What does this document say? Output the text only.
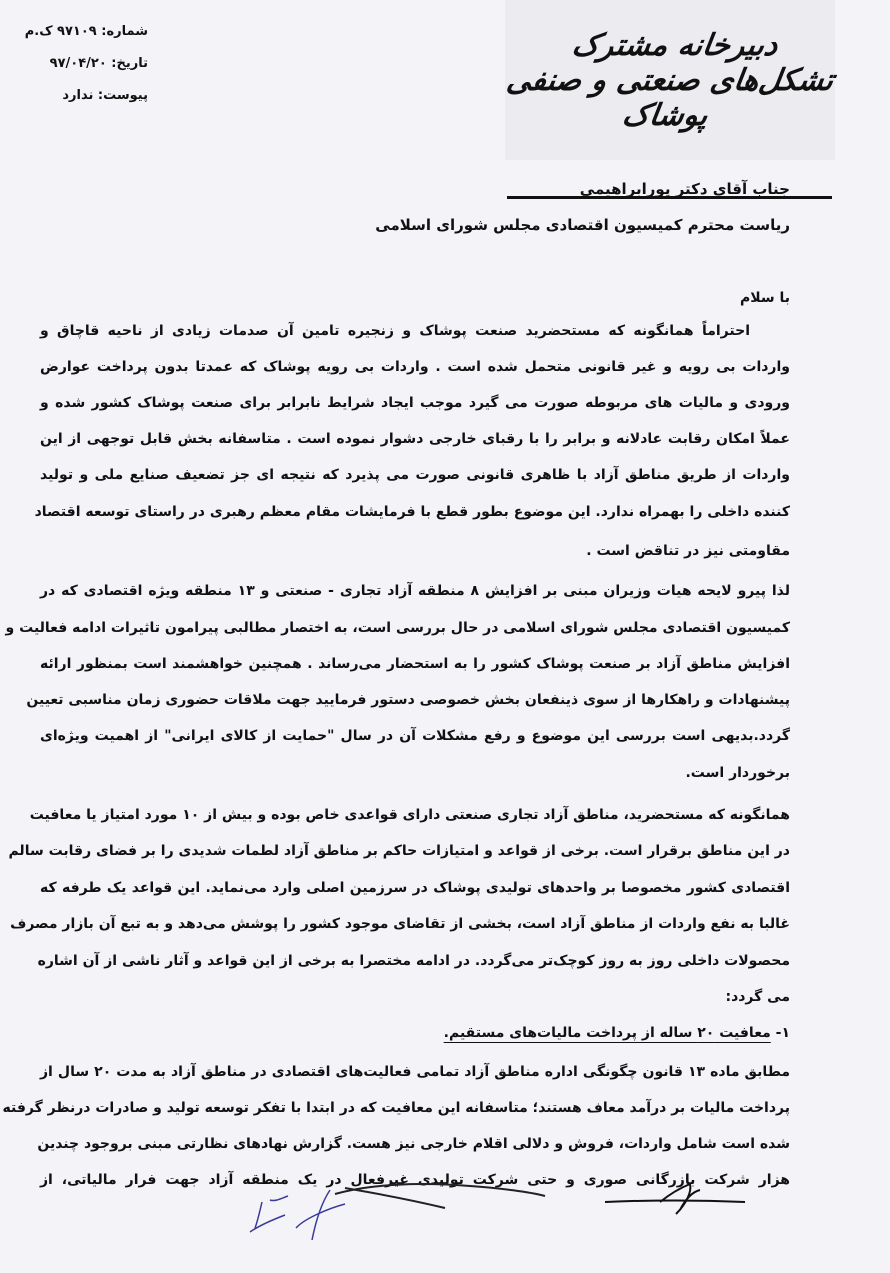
دبیرخانه مشترک تشکل‌های صنعتی و صنفی پوشاک
شماره: ۹۷۱۰۹ ک.م
تاریخ: ۹۷/۰۴/۲۰
پیوست: ندارد
جناب آقای دکتر پورابراهیمی
ریاست محترم کمیسیون اقتصادی مجلس شورای اسلامی
با سلام
احتراماً همانگونه که مستحضرید صنعت پوشاک و زنجیره تامین آن صدمات زیادی از ناحیه قاچاق و
واردات بی رویه و غیر قانونی متحمل شده است . واردات بی رویه پوشاک که عمدتا بدون پرداخت عوارض
ورودی و مالیات های مربوطه صورت می گیرد موجب ایجاد شرایط نابرابر برای صنعت پوشاک کشور شده و
عملاً امکان رقابت عادلانه و برابر را با رقبای خارجی دشوار نموده است . متاسفانه بخش قابل توجهی از این
واردات از طریق مناطق آزاد با ظاهری قانونی صورت می پذیرد که نتیجه ای جز تضعیف صنایع ملی و تولید
کننده داخلی را بهمراه ندارد. این موضوع بطور قطع با فرمایشات مقام معظم رهبری در راستای توسعه اقتصاد
مقاومتی نیز در تناقض است .
لذا پیرو لایحه هیات وزیران مبنی بر افزایش ۸ منطقه آزاد تجاری - صنعتی و ۱۳ منطقه ویژه اقتصادی که در
کمیسیون اقتصادی مجلس شورای اسلامی در حال بررسی است، به اختصار مطالبی پیرامون تاثیرات ادامه فعالیت و
افزایش مناطق آزاد بر صنعت پوشاک کشور را به استحضار می‌رساند . همچنین خواهشمند است بمنظور ارائه
پیشنهادات و راهکارها از سوی ذینفعان بخش خصوصی دستور فرمایید جهت ملاقات حضوری زمان مناسبی تعیین
گردد.بدیهی است بررسی این موضوع و رفع مشکلات آن در سال "حمایت از کالای ایرانی" از اهمیت ویژه‌ای
برخوردار است.
همانگونه که مستحضرید، مناطق آزاد تجاری صنعتی دارای قواعدی خاص بوده و بیش از ۱۰ مورد امتیاز یا معافیت
در این مناطق برقرار است. برخی از قواعد و امتیازات حاکم بر مناطق آزاد لطمات شدیدی را بر فضای رقابت سالم
اقتصادی کشور مخصوصا بر واحدهای تولیدی پوشاک در سرزمین اصلی وارد می‌نماید. این قواعد یک طرفه که
غالبا به نفع واردات از مناطق آزاد است، بخشی از تقاضای موجود کشور را پوشش می‌دهد و به تبع آن بازار مصرف
محصولات داخلی روز به روز کوچک‌تر می‌گردد. در ادامه مختصرا به برخی از این قواعد و آثار ناشی از آن اشاره
می گردد:
۱- معافیت ۲۰ ساله از پرداخت مالیات‌های مستقیم.
مطابق ماده ۱۳ قانون چگونگی اداره مناطق آزاد تمامی فعالیت‌های اقتصادی در مناطق آزاد به مدت ۲۰ سال از
پرداخت مالیات بر درآمد معاف هستند؛ متاسفانه این معافیت که در ابتدا با تفکر توسعه تولید و صادرات درنظر گرفته
شده است شامل واردات، فروش و دلالی اقلام خارجی نیز هست. گزارش نهادهای نظارتی مبنی بروجود چندین
هزار شرکت بازرگانی صوری و حتی شرکت تولیدی غیرفعال در یک منطقه آزاد جهت فرار مالیاتی، از
